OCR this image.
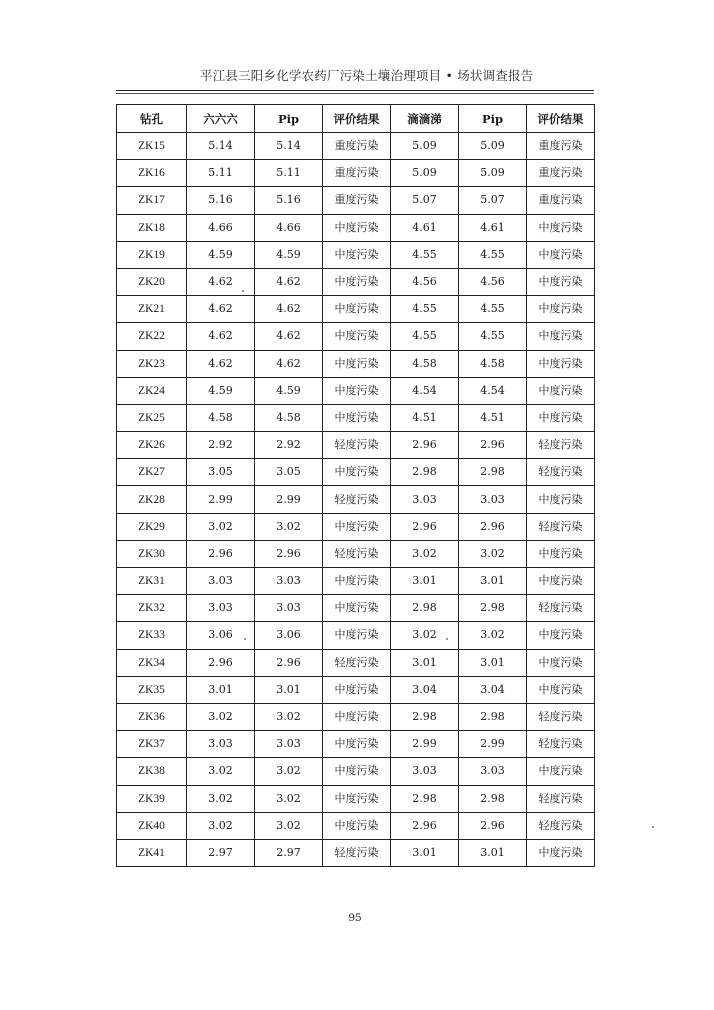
平江县三阳乡化学农药厂污染土壤治理项目 • 场状调查报告
钻孔	六六六	Pip	评价结果	滴滴涕	Pip	评价结果
ZK15	5.14	5.14	重度污染	5.09	5.09	重度污染
ZK16	5.11	5.11	重度污染	5.09	5.09	重度污染
ZK17	5.16	5.16	重度污染	5.07	5.07	重度污染
ZK18	4.66	4.66	中度污染	4.61	4.61	中度污染
ZK19	4.59	4.59	中度污染	4.55	4.55	中度污染
ZK20	4.62	4.62	中度污染	4.56	4.56	中度污染
ZK21	4.62	4.62	中度污染	4.55	4.55	中度污染
ZK22	4.62	4.62	中度污染	4.55	4.55	中度污染
ZK23	4.62	4.62	中度污染	4.58	4.58	中度污染
ZK24	4.59	4.59	中度污染	4.54	4.54	中度污染
ZK25	4.58	4.58	中度污染	4.51	4.51	中度污染
ZK26	2.92	2.92	轻度污染	2.96	2.96	轻度污染
ZK27	3.05	3.05	中度污染	2.98	2.98	轻度污染
ZK28	2.99	2.99	轻度污染	3.03	3.03	中度污染
ZK29	3.02	3.02	中度污染	2.96	2.96	轻度污染
ZK30	2.96	2.96	轻度污染	3.02	3.02	中度污染
ZK31	3.03	3.03	中度污染	3.01	3.01	中度污染
ZK32	3.03	3.03	中度污染	2.98	2.98	轻度污染
ZK33	3.06	3.06	中度污染	3.02	3.02	中度污染
ZK34	2.96	2.96	轻度污染	3.01	3.01	中度污染
ZK35	3.01	3.01	中度污染	3.04	3.04	中度污染
ZK36	3.02	3.02	中度污染	2.98	2.98	轻度污染
ZK37	3.03	3.03	中度污染	2.99	2.99	轻度污染
ZK38	3.02	3.02	中度污染	3.03	3.03	中度污染
ZK39	3.02	3.02	中度污染	2.98	2.98	轻度污染
ZK40	3.02	3.02	中度污染	2.96	2.96	轻度污染
ZK41	2.97	2.97	轻度污染	3.01	3.01	中度污染
95
